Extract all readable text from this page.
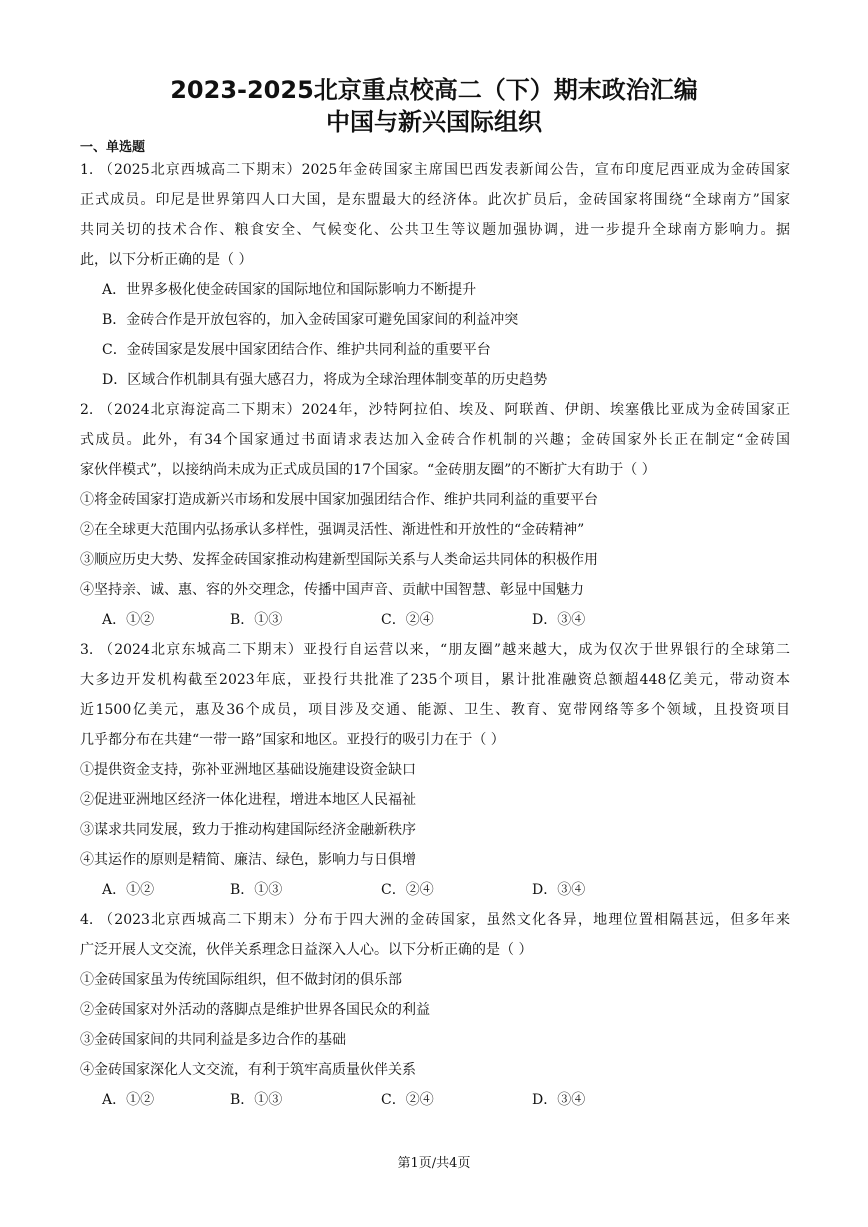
2023-2025北京重点校高二（下）期末政治汇编
中国与新兴国际组织
一、单选题
1. （2025北京西城高二下期末）2025年金砖国家主席国巴西发表新闻公告，宣布印度尼西亚成为金砖国家
正式成员。印尼是世界第四人口大国，是东盟最大的经济体。此次扩员后，金砖国家将围绕“全球南方”国家
共同关切的技术合作、粮食安全、气候变化、公共卫生等议题加强协调，进一步提升全球南方影响力。据
此，以下分析正确的是（ ）
A．世界多极化使金砖国家的国际地位和国际影响力不断提升
B．金砖合作是开放包容的，加入金砖国家可避免国家间的利益冲突
C．金砖国家是发展中国家团结合作、维护共同利益的重要平台
D．区域合作机制具有强大感召力，将成为全球治理体制变革的历史趋势
2. （2024北京海淀高二下期末）2024年，沙特阿拉伯、埃及、阿联酋、伊朗、埃塞俄比亚成为金砖国家正
式成员。此外，有34个国家通过书面请求表达加入金砖合作机制的兴趣；金砖国家外长正在制定“金砖国
家伙伴模式”，以接纳尚未成为正式成员国的17个国家。“金砖朋友圈”的不断扩大有助于（ ）
①将金砖国家打造成新兴市场和发展中国家加强团结合作、维护共同利益的重要平台
②在全球更大范围内弘扬承认多样性，强调灵活性、渐进性和开放性的“金砖精神”
③顺应历史大势、发挥金砖国家推动构建新型国际关系与人类命运共同体的积极作用
④坚持亲、诚、惠、容的外交理念，传播中国声音、贡献中国智慧、彰显中国魅力
A．①②	B．①③	C．②④	D．③④
3. （2024北京东城高二下期末）亚投行自运营以来，“朋友圈”越来越大，成为仅次于世界银行的全球第二
大多边开发机构截至2023年底，亚投行共批准了235个项目，累计批准融资总额超448亿美元，带动资本
近1500亿美元，惠及36个成员，项目涉及交通、能源、卫生、教育、宽带网络等多个领域，且投资项目
几乎都分布在共建“一带一路”国家和地区。亚投行的吸引力在于（ ）
①提供资金支持，弥补亚洲地区基础设施建设资金缺口
②促进亚洲地区经济一体化进程，增进本地区人民福祉
③谋求共同发展，致力于推动构建国际经济金融新秩序
④其运作的原则是精简、廉洁、绿色，影响力与日俱增
A．①②	B．①③	C．②④	D．③④
4. （2023北京西城高二下期末）分布于四大洲的金砖国家，虽然文化各异，地理位置相隔甚远，但多年来
广泛开展人文交流，伙伴关系理念日益深入人心。以下分析正确的是（ ）
①金砖国家虽为传统国际组织，但不做封闭的俱乐部
②金砖国家对外活动的落脚点是维护世界各国民众的利益
③金砖国家间的共同利益是多边合作的基础
④金砖国家深化人文交流，有利于筑牢高质量伙伴关系
A．①②	B．①③	C．②④	D．③④
第1页/共4页
